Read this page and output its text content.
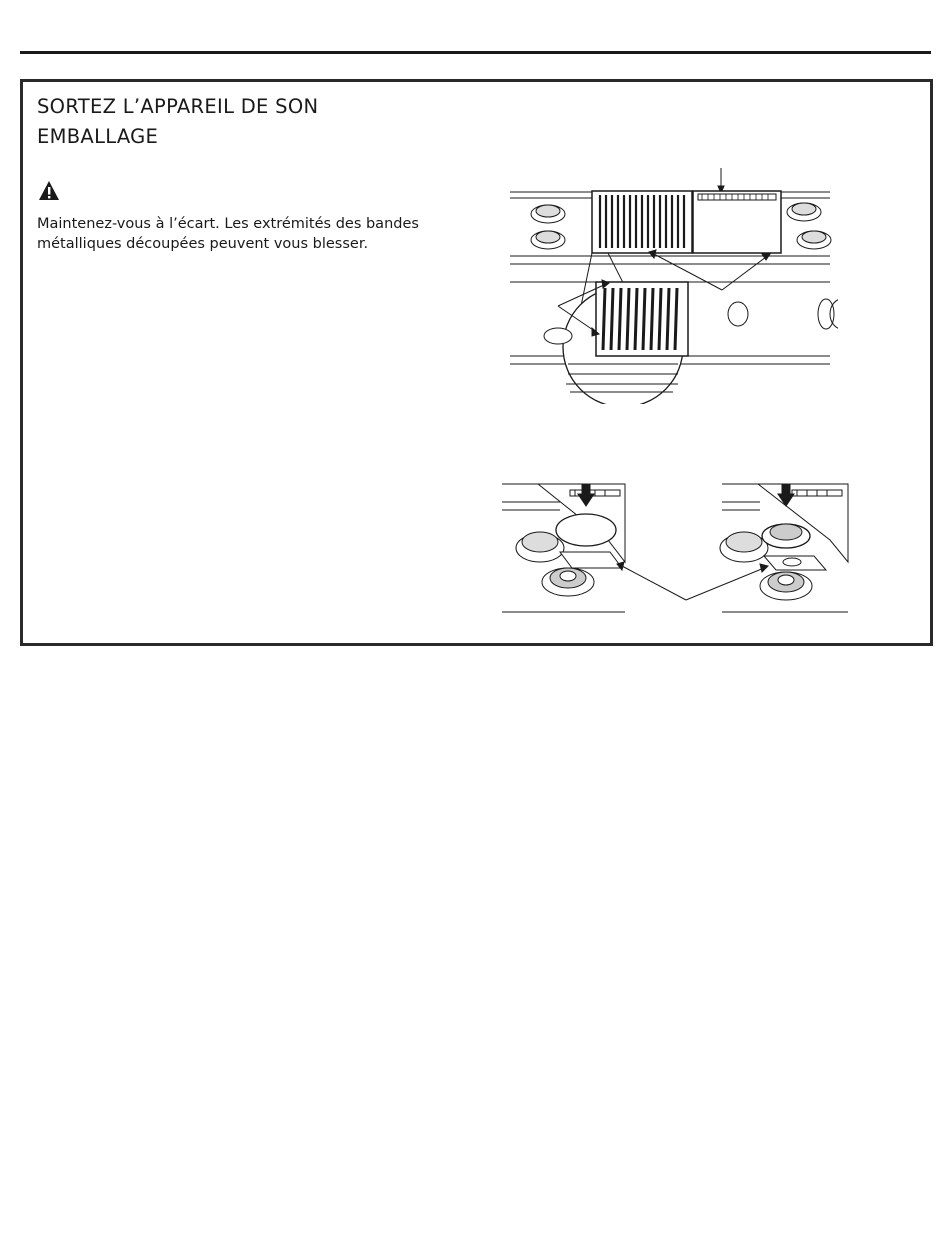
SORTEZ L’APPAREIL DE SON EMBALLAGE
Maintenez-vous à l’écart. Les extrémités des bandes métalliques découpées peuvent vous blesser.
